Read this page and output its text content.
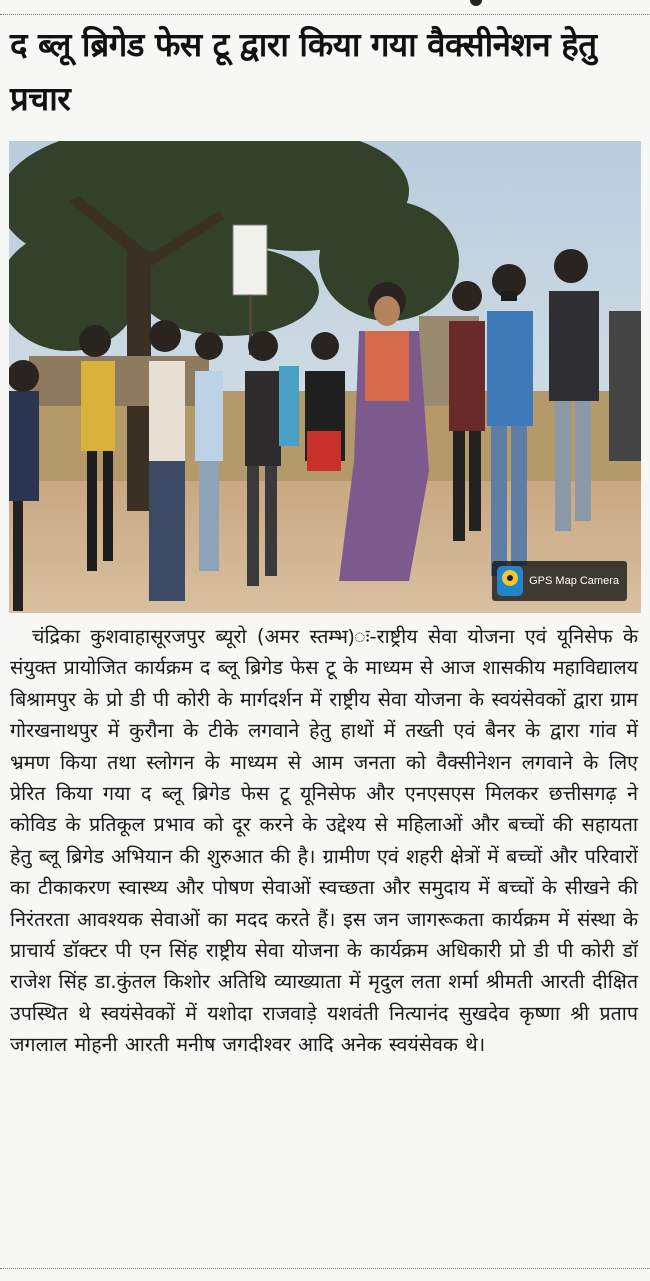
द ब्लू ब्रिगेड फेस टू द्वारा किया गया वैक्सीनेशन हेतु प्रचार
GPS Map Camera

चंद्रिका कुशवाहासूरजपुर ब्यूरो (अमर स्तम्भ)ः-राष्ट्रीय सेवा योजना एवं यूनिसेफ के संयुक्त प्रायोजित कार्यक्रम द ब्लू ब्रिगेड फेस टू के माध्यम से आज शासकीय महाविद्यालय बिश्रामपुर के प्रो डी पी कोरी के मार्गदर्शन में राष्ट्रीय सेवा योजना के स्वयंसेवकों द्वारा ग्राम गोरखनाथपुर में कुरौना के टीके लगवाने हेतु हाथों में तख्ती एवं बैनर के द्वारा गांव में भ्रमण किया तथा स्लोगन के माध्यम से आम जनता को वैक्सीनेशन लगवाने के लिए प्रेरित किया गया द ब्लू ब्रिगेड फेस टू यूनिसेफ और एनएसएस मिलकर छत्तीसगढ़ ने कोविड के प्रतिकूल प्रभाव को दूर करने के उद्देश्य से महिलाओं और बच्चों की सहायता हेतु ब्लू ब्रिगेड अभियान की शुरुआत की है। ग्रामीण एवं शहरी क्षेत्रों में बच्चों और परिवारों का टीकाकरण स्वास्थ्य और पोषण सेवाओं स्वच्छता और समुदाय में बच्चों के सीखने की निरंतरता आवश्यक सेवाओं का मदद करते हैं। इस जन जागरूकता कार्यक्रम में संस्था के प्राचार्य डॉक्टर पी एन सिंह राष्ट्रीय सेवा योजना के कार्यक्रम अधिकारी प्रो डी पी कोरी डॉ राजेश सिंह डा.कुंतल किशोर अतिथि व्याख्याता में मृदुल लता शर्मा श्रीमती आरती दीक्षित उपस्थित थे स्वयंसेवकों में यशोदा राजवाड़े यशवंती नित्यानंद सुखदेव कृष्णा श्री प्रताप जगलाल मोहनी आरती मनीष जगदीश्वर आदि अनेक स्वयंसेवक थे।
